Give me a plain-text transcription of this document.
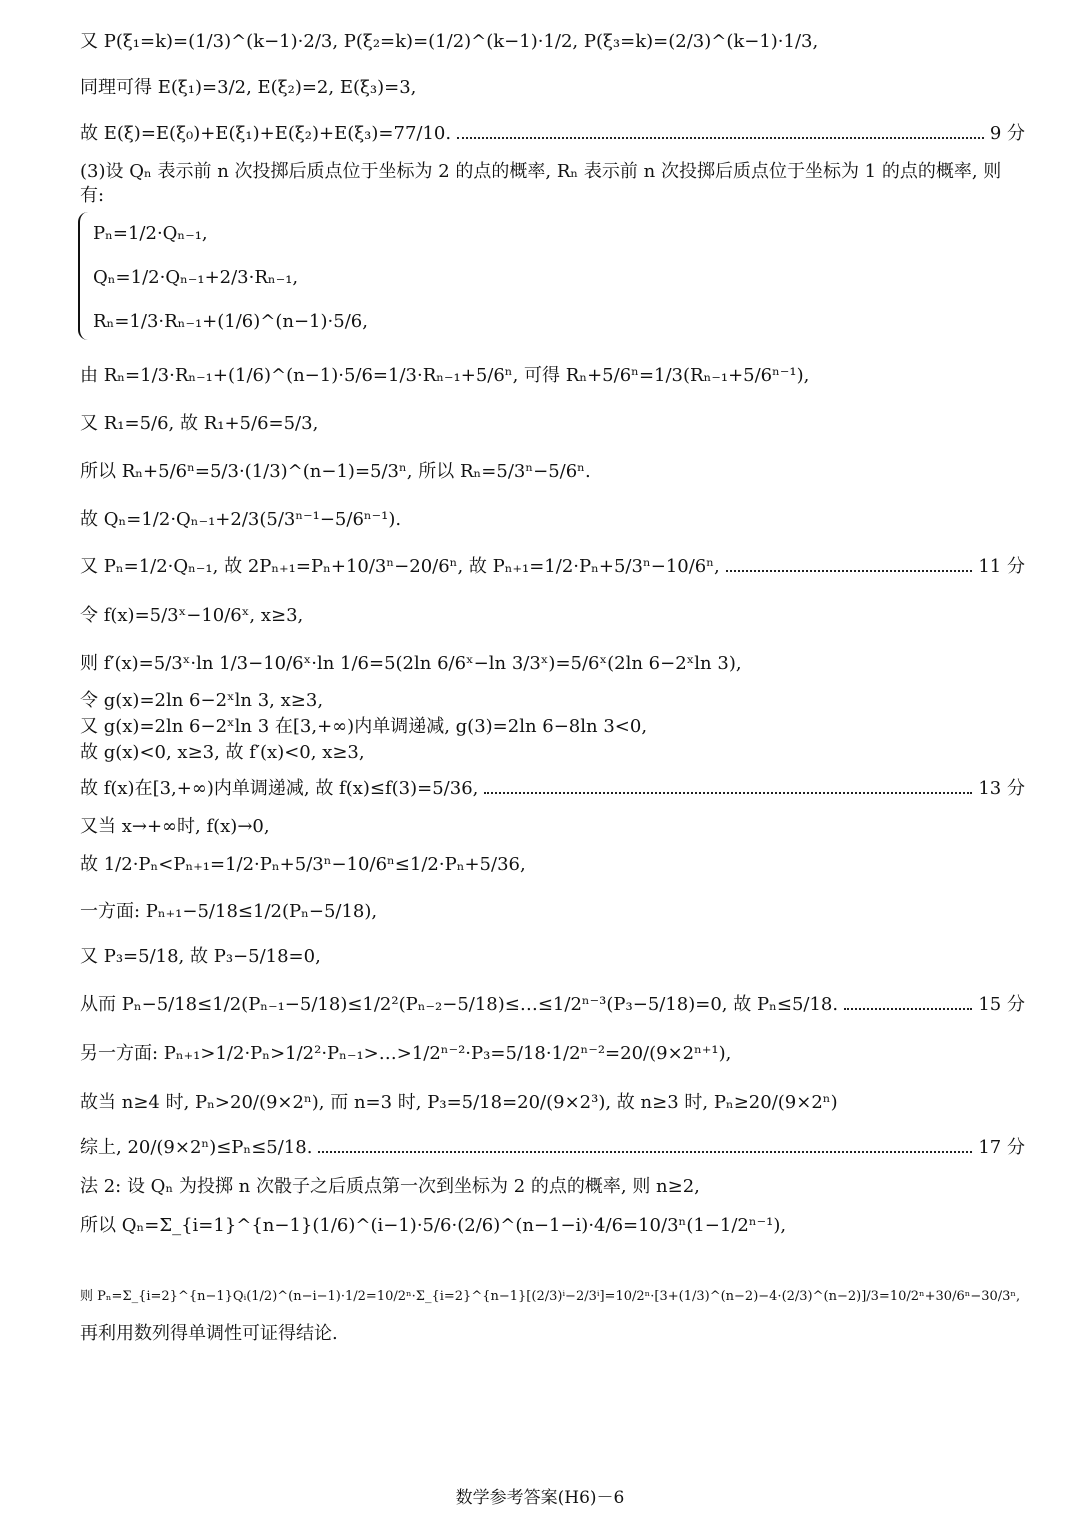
又 P(ξ₁=k)=(1/3)^(k−1)·2/3, P(ξ₂=k)=(1/2)^(k−1)·1/2, P(ξ₃=k)=(2/3)^(k−1)·1/3,
同理可得 E(ξ₁)=3/2, E(ξ₂)=2, E(ξ₃)=3,
故 E(ξ)=E(ξ₀)+E(ξ₁)+E(ξ₂)+E(ξ₃)=77/10.	9 分
(3)设 Qₙ 表示前 n 次投掷后质点位于坐标为 2 的点的概率, Rₙ 表示前 n 次投掷后质点位于坐标为 1 的点的概率, 则有:
Pₙ=1/2·Qₙ₋₁,
Qₙ=1/2·Qₙ₋₁+2/3·Rₙ₋₁,
Rₙ=1/3·Rₙ₋₁+(1/6)^(n−1)·5/6,
由 Rₙ=1/3·Rₙ₋₁+(1/6)^(n−1)·5/6=1/3·Rₙ₋₁+5/6ⁿ, 可得 Rₙ+5/6ⁿ=1/3(Rₙ₋₁+5/6ⁿ⁻¹),
又 R₁=5/6, 故 R₁+5/6=5/3,
所以 Rₙ+5/6ⁿ=5/3·(1/3)^(n−1)=5/3ⁿ, 所以 Rₙ=5/3ⁿ−5/6ⁿ.
故 Qₙ=1/2·Qₙ₋₁+2/3(5/3ⁿ⁻¹−5/6ⁿ⁻¹).
又 Pₙ=1/2·Qₙ₋₁, 故 2Pₙ₊₁=Pₙ+10/3ⁿ−20/6ⁿ, 故 Pₙ₊₁=1/2·Pₙ+5/3ⁿ−10/6ⁿ,	11 分
令 f(x)=5/3ˣ−10/6ˣ, x≥3,
则 f′(x)=5/3ˣ·ln 1/3−10/6ˣ·ln 1/6=5(2ln 6/6ˣ−ln 3/3ˣ)=5/6ˣ(2ln 6−2ˣln 3),
令 g(x)=2ln 6−2ˣln 3, x≥3,
又 g(x)=2ln 6−2ˣln 3 在[3,+∞)内单调递减, g(3)=2ln 6−8ln 3<0,
故 g(x)<0, x≥3, 故 f′(x)<0, x≥3,
故 f(x)在[3,+∞)内单调递减, 故 f(x)≤f(3)=5/36,	13 分
又当 x→+∞时, f(x)→0,
故 1/2·Pₙ<Pₙ₊₁=1/2·Pₙ+5/3ⁿ−10/6ⁿ≤1/2·Pₙ+5/36,
一方面: Pₙ₊₁−5/18≤1/2(Pₙ−5/18),
又 P₃=5/18, 故 P₃−5/18=0,
从而 Pₙ−5/18≤1/2(Pₙ₋₁−5/18)≤1/2²(Pₙ₋₂−5/18)≤…≤1/2ⁿ⁻³(P₃−5/18)=0, 故 Pₙ≤5/18.	15 分
另一方面: Pₙ₊₁>1/2·Pₙ>1/2²·Pₙ₋₁>…>1/2ⁿ⁻²·P₃=5/18·1/2ⁿ⁻²=20/(9×2ⁿ⁺¹),
故当 n≥4 时, Pₙ>20/(9×2ⁿ), 而 n=3 时, P₃=5/18=20/(9×2³), 故 n≥3 时, Pₙ≥20/(9×2ⁿ)
综上, 20/(9×2ⁿ)≤Pₙ≤5/18.	17 分
法 2: 设 Qₙ 为投掷 n 次骰子之后质点第一次到坐标为 2 的点的概率, 则 n≥2,
所以 Qₙ=Σ_{i=1}^{n−1}(1/6)^(i−1)·5/6·(2/6)^(n−1−i)·4/6=10/3ⁿ(1−1/2ⁿ⁻¹),
则 Pₙ=Σ_{i=2}^{n−1}Qᵢ(1/2)^(n−i−1)·1/2=10/2ⁿ·Σ_{i=2}^{n−1}[(2/3)ⁱ−2/3ⁱ]=10/2ⁿ·[3+(1/3)^(n−2)−4·(2/3)^(n−2)]/3=10/2ⁿ+30/6ⁿ−30/3ⁿ,
再利用数列得单调性可证得结论.
数学参考答案(H6)－6
